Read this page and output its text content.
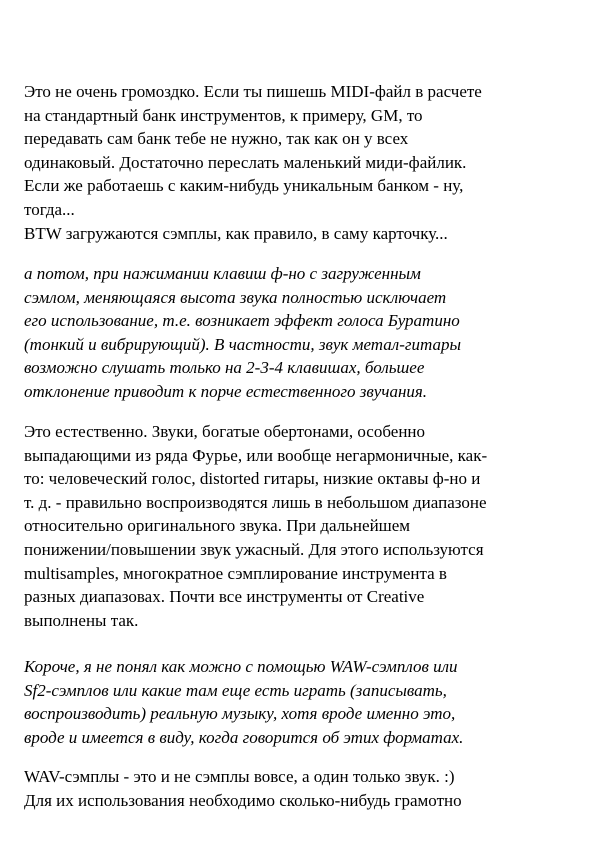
Это не очень громоздко. Если ты пишешь MIDI-файл в расчете
на стандартный банк инструментов, к примеру, GM, то
передавать сам банк тебе не нужно, так как он у всех
одинаковый. Достаточно переслать маленький миди-файлик.
Если же работаешь с каким-нибудь уникальным банком - ну,
тогда...
BTW загружаются сэмплы, как правило, в саму карточку...
а потом, при нажимании клавиш ф-но с загруженным
сэмлом, меняющаяся высота звука полностью исключает
его использование, т.е. возникает эффект голоса Буратино
(тонкий и вибрирующий). В частности, звук метал-гитары
возможно слушать только на 2-3-4 клавишах, большее
отклонение приводит к порче естественного звучания.
Это естественно. Звуки, богатые обертонами, особенно
выпадающими из ряда Фурье, или вообще негармоничные, как-
то: человеческий голос, distorted гитары, низкие октавы ф-но и
т. д. - правильно воспроизводятся лишь в небольшом диапазоне
относительно оригинального звука. При дальнейшем
понижении/повышении звук ужасный. Для этого используются
multisamples, многократное сэмплирование инструмента в
разных диапазовах. Почти все инструменты от Creative
выполнены так.
Короче, я не понял как можно с помощью WAW-сэмплов или
Sf2-сэмплов или какие там еще есть играть (записывать,
воспроизводить) реальную музыку, хотя вроде именно это,
вроде и имеется в виду, когда говорится об этих форматах.
WAV-сэмплы - это и не сэмплы вовсе, а один только звук. :)
Для их использования необходимо сколько-нибудь грамотно
